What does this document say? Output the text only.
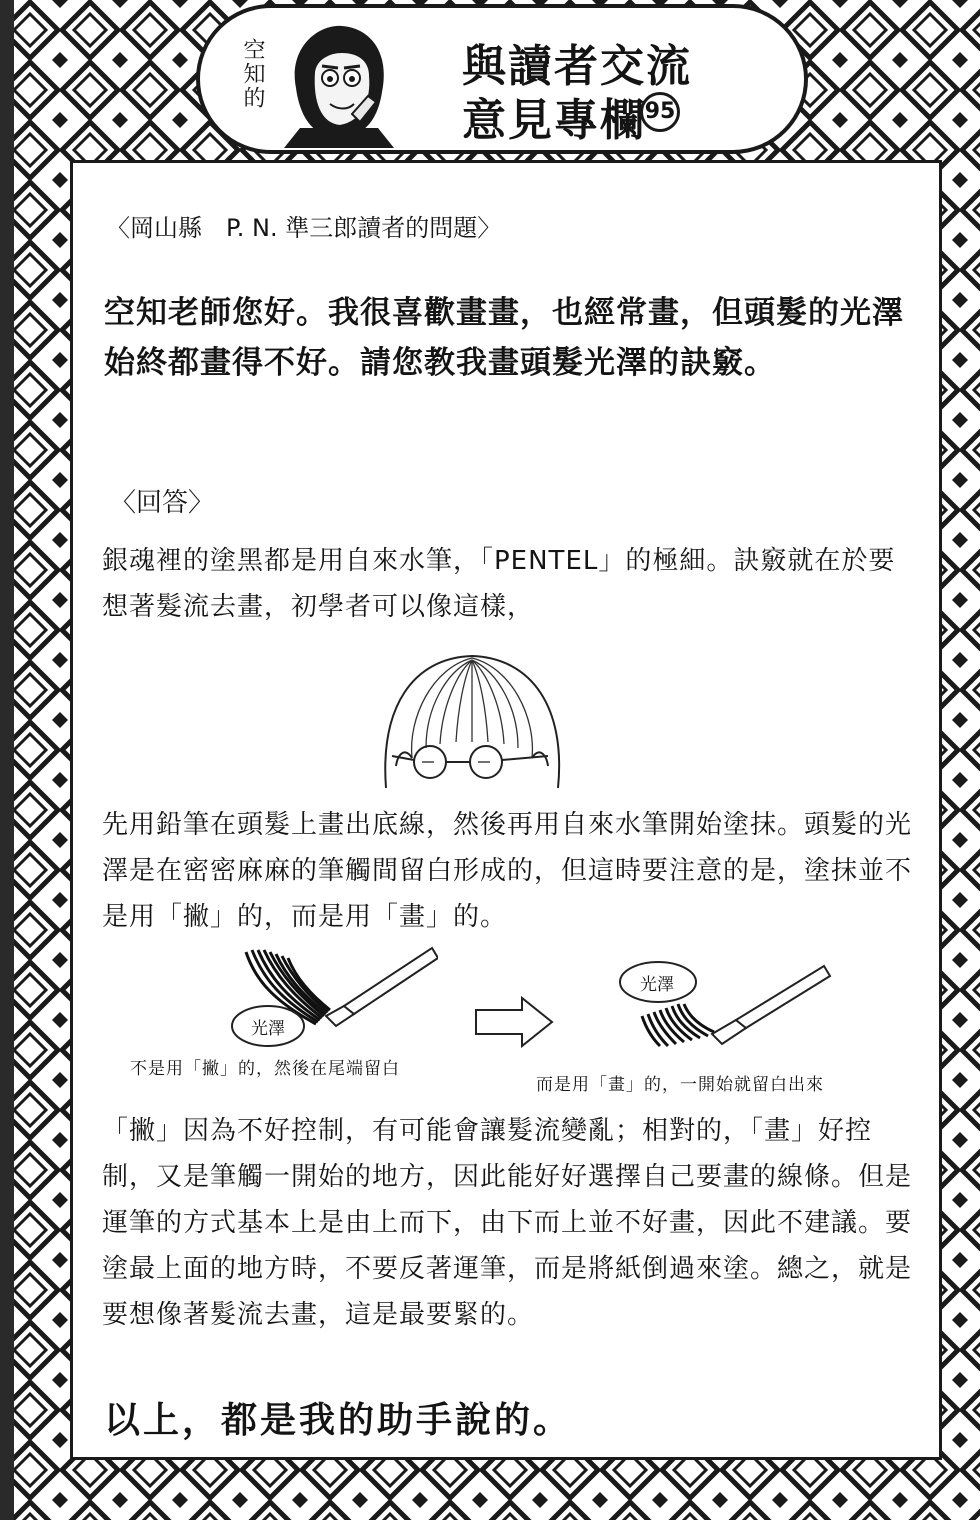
空知的	與讀者交流
意見專欄
95
〈岡山縣　P. N. 準三郎讀者的問題〉
空知老師您好。我很喜歡畫畫，也經常畫，但頭髮的光澤始終都畫得不好。請您教我畫頭髮光澤的訣竅。
〈回答〉
銀魂裡的塗黑都是用自來水筆，「PENTEL」的極細。訣竅就在於要想著髮流去畫，初學者可以像這樣，
先用鉛筆在頭髮上畫出底線，然後再用自來水筆開始塗抹。頭髮的光澤是在密密麻麻的筆觸間留白形成的，但這時要注意的是，塗抹並不是用「撇」的，而是用「畫」的。
光澤
光澤
不是用「撇」的，然後在尾端留白
而是用「畫」的，一開始就留白出來
「撇」因為不好控制，有可能會讓髮流變亂；相對的，「畫」好控制，又是筆觸一開始的地方，因此能好好選擇自己要畫的線條。但是運筆的方式基本上是由上而下，由下而上並不好畫，因此不建議。要塗最上面的地方時，不要反著運筆，而是將紙倒過來塗。總之，就是要想像著髮流去畫，這是最要緊的。
以上，都是我的助手說的。
